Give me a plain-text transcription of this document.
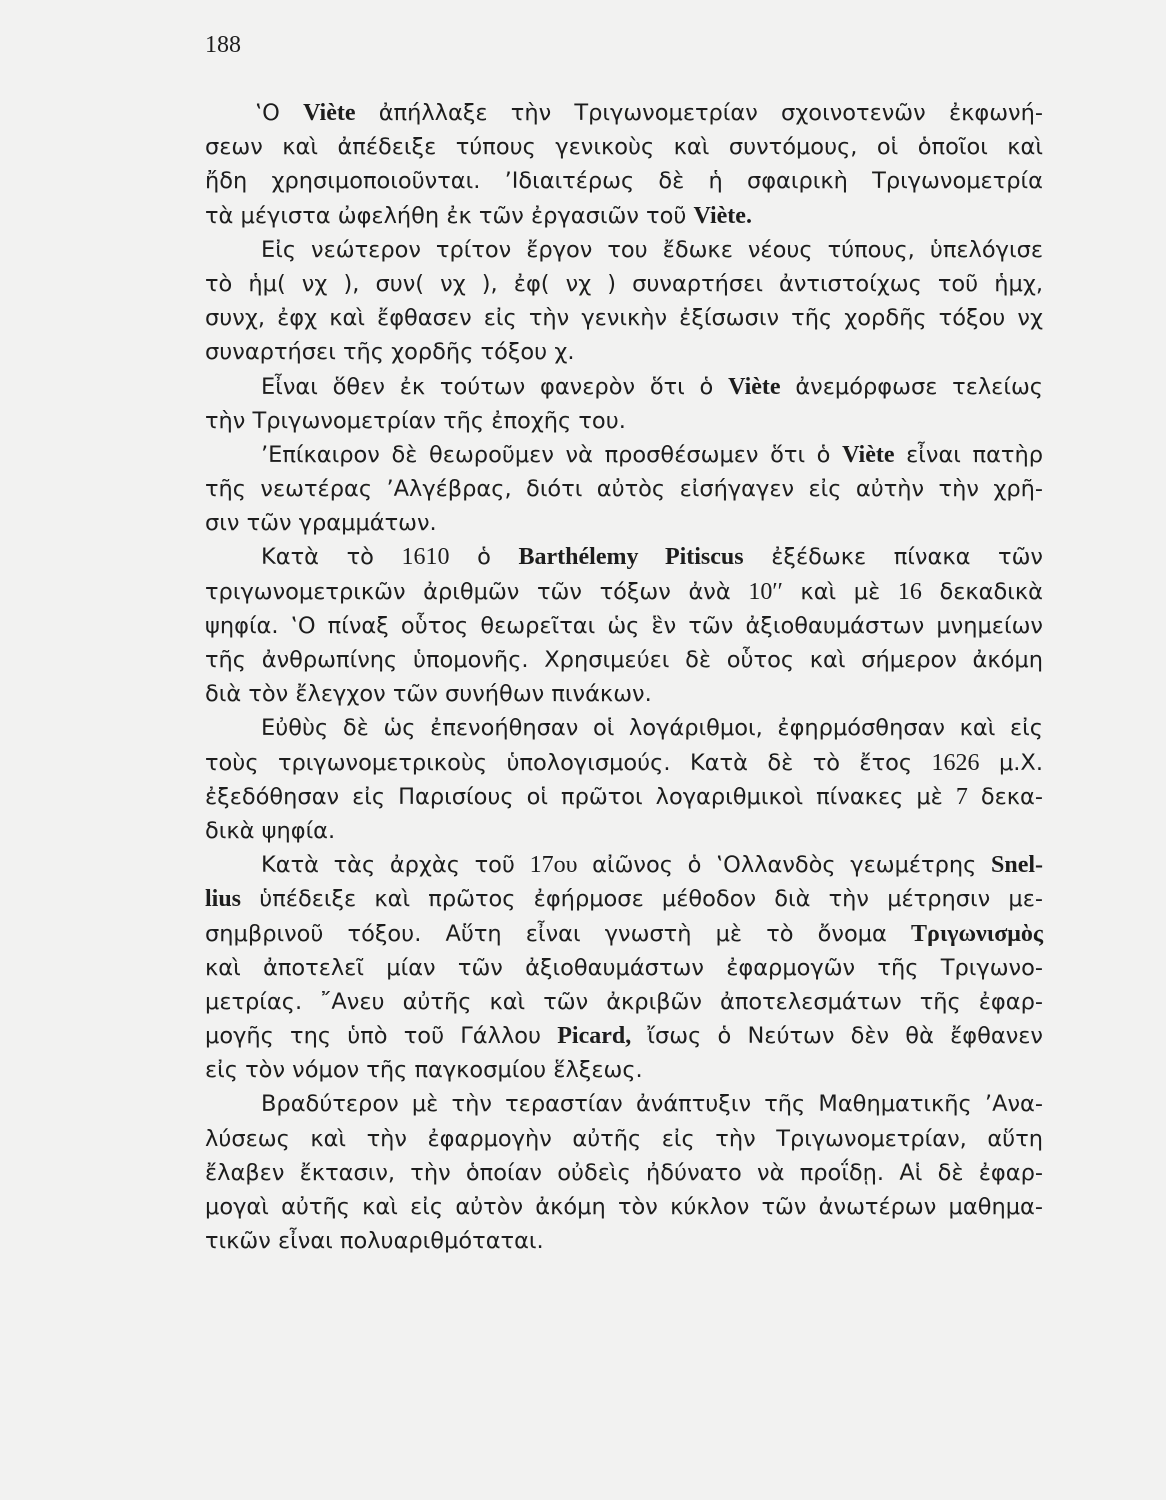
188
‛Ο Viète ἀπήλλαξε τὴν Τριγωνομετρίαν σχοινοτενῶν ἐκφωνή-
σεων καὶ ἀπέδειξε τύπους γενικοὺς καὶ συντόμους, οἱ ὁποῖοι καὶ
ἤδη χρησιμοποιοῦνται. ’Ιδιαιτέρως δὲ ἡ σφαιρικὴ Τριγωνομετρία
τὰ μέγιστα ὠφελήθη ἐκ τῶν ἐργασιῶν τοῦ Viète.
Εἰς νεώτερον τρίτον ἔργον του ἔδωκε νέους τύπους, ὑπελόγισε
τὸ ἡμ( νχ ), συν( νχ ), ἐφ( νχ ) συναρτήσει ἀντιστοίχως τοῦ ἡμχ,
συνχ, ἐφχ καὶ ἔφθασεν εἰς τὴν γενικὴν ἐξίσωσιν τῆς χορδῆς τόξου νχ
συναρτήσει τῆς χορδῆς τόξου χ.
Εἶναι ὅθεν ἐκ τούτων φανερὸν ὅτι ὁ Viète ἀνεμόρφωσε τελείως
τὴν Τριγωνομετρίαν τῆς ἐποχῆς του.
’Επίκαιρον δὲ θεωροῦμεν νὰ προσθέσωμεν ὅτι ὁ Viète εἶναι πατὴρ
τῆς νεωτέρας ’Αλγέβρας, διότι αὐτὸς εἰσήγαγεν εἰς αὐτὴν τὴν χρῆ-
σιν τῶν γραμμάτων.
Κατὰ τὸ 1610 ὁ Barthélemy Pitiscus ἐξέδωκε πίνακα τῶν
τριγωνομετρικῶν ἀριθμῶν τῶν τόξων ἀνὰ 10′′ καὶ μὲ 16 δεκαδικὰ
ψηφία. ‛Ο πίναξ οὗτος θεωρεῖται ὡς ἓν τῶν ἀξιοθαυμάστων μνημείων
τῆς ἀνθρωπίνης ὑπομονῆς. Χρησιμεύει δὲ οὗτος καὶ σήμερον ἀκόμη
διὰ τὸν ἔλεγχον τῶν συνήθων πινάκων.
Εὐθὺς δὲ ὡς ἐπενοήθησαν οἱ λογάριθμοι, ἐφηρμόσθησαν καὶ εἰς
τοὺς τριγωνομετρικοὺς ὑπολογισμούς. Κατὰ δὲ τὸ ἔτος 1626 μ.Χ.
ἐξεδόθησαν εἰς Παρισίους οἱ πρῶτοι λογαριθμικοὶ πίνακες μὲ 7 δεκα-
δικὰ ψηφία.
Κατὰ τὰς ἀρχὰς τοῦ 17ου αἰῶνος ὁ ‛Ολλανδὸς γεωμέτρης Snel-
lius ὑπέδειξε καὶ πρῶτος ἐφήρμοσε μέθοδον διὰ τὴν μέτρησιν με-
σημβρινοῦ τόξου. Αὕτη εἶναι γνωστὴ μὲ τὸ ὄνομα Τριγωνισμὸς
καὶ ἀποτελεῖ μίαν τῶν ἀξιοθαυμάστων ἐφαρμογῶν τῆς Τριγωνο-
μετρίας. ῎Ανευ αὐτῆς καὶ τῶν ἀκριβῶν ἀποτελεσμάτων τῆς ἐφαρ-
μογῆς της ὑπὸ τοῦ Γάλλου Picard, ἴσως ὁ Νεύτων δὲν θὰ ἔφθανεν
εἰς τὸν νόμον τῆς παγκοσμίου ἕλξεως.
Βραδύτερον μὲ τὴν τεραστίαν ἀνάπτυξιν τῆς Μαθηματικῆς ’Ανα-
λύσεως καὶ τὴν ἐφαρμογὴν αὐτῆς εἰς τὴν Τριγωνομετρίαν, αὕτη
ἔλαβεν ἔκτασιν, τὴν ὁποίαν οὐδεὶς ἠδύνατο νὰ προΐδῃ. Αἱ δὲ ἐφαρ-
μογαὶ αὐτῆς καὶ εἰς αὐτὸν ἀκόμη τὸν κύκλον τῶν ἀνωτέρων μαθημα-
τικῶν εἶναι πολυαριθμόταται.
